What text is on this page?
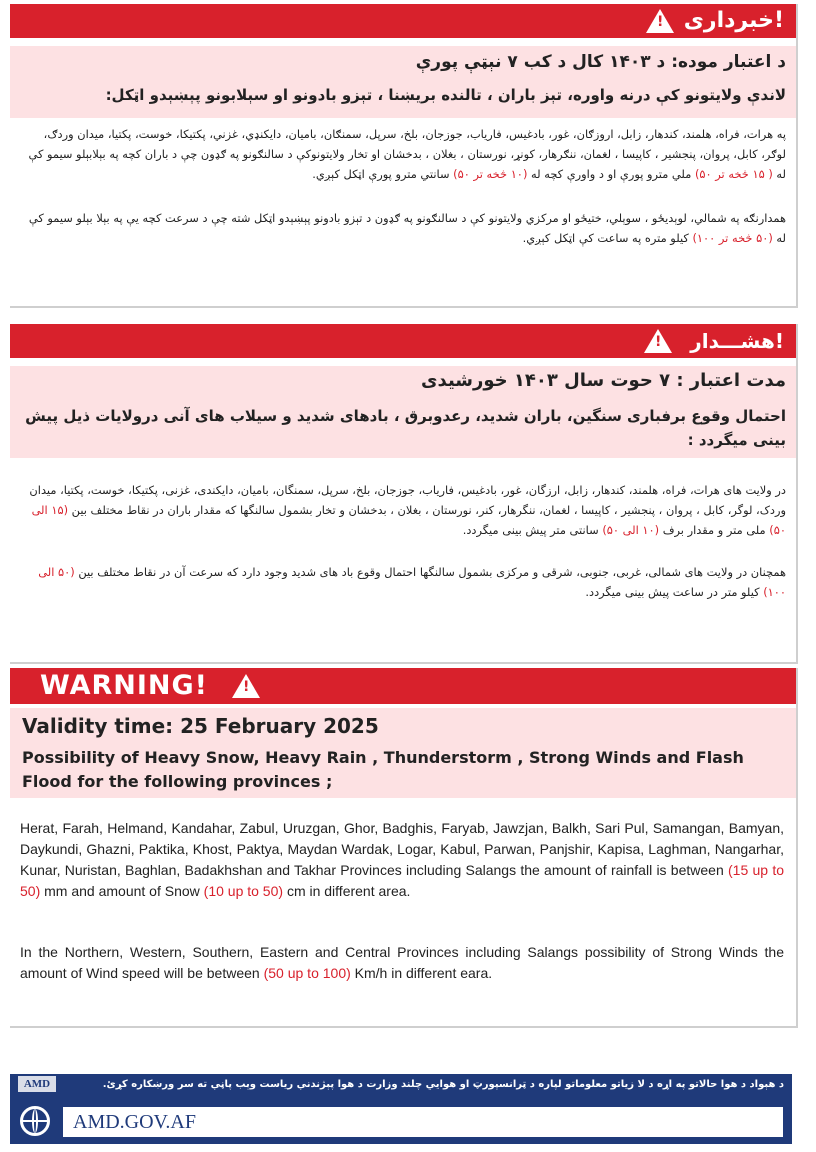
خبرداری!
!

د اعتبار موده: د ۱۴۰۳ کال د کب ۷ نېټې پورې

لاندې ولایتونو کې درنه واوره، تېز باران ، تالنده بریښنا ، تېزو بادونو او سېلابونو پېښېدو اټکل:

په هرات، فراه، هلمند، کندهار، زابل، اروزګان، غور، بادغیس، فاریاب، جوزجان، بلخ، سرپل، سمنګان، بامیان، دایکنډي، غزني، پکتیکا، خوست، پکتیا، میدان وردګ، لوګر، کابل، پروان، پنجشیر ، کاپیسا ، لغمان، ننګرهار، کونړ، نورستان ، بغلان ، بدخشان او تخار ولایتونوکې د سالنګونو په ګډون چې د باران کچه په بېلابېلو سیمو کې له ( ۱۵ څخه تر ۵۰) ملي مترو پورې او د واورې کچه له (۱۰ څخه تر ۵۰) سانتي مترو پورې اټکل کېږي.
همدارنګه په شمالي، لوېدیځو ، سوېلي، ختیځو او مرکزي ولایتونو کې د سالنګونو په ګډون د تېزو بادونو پېښېدو اټکل شته چې د سرعت کچه یې په بېلا بېلو سیمو کې له (۵۰ څخه تر ۱۰۰) کیلو متره په ساعت کې اټکل کېږي.
هشـــدار!
!

مدت اعتبار : ۷ حوت سال ۱۴۰۳ خورشیدی

احتمال وقوع برفباری سنگین، باران شدید، رعدوبرق ، بادهای شدید و سیلاب های آنی درولایات ذیل پیش بینی میگردد :

در ولایت های هرات، فراه، هلمند، کندهار، زابل، ارزگان، غور، بادغیس، فاریاب، جوزجان، بلخ، سرپل، سمنگان، بامیان، دایکندی، غزنی، پکتیکا، خوست، پکتیا، میدان وردک، لوگر، کابل ، پروان ، پنجشیر ، کاپیسا ، لغمان، ننگرهار، کنر، نورستان ، بغلان ، بدخشان و تخار بشمول سالنگها که مقدار باران در نقاط مختلف بین (۱۵ الی ۵۰) ملی متر و مقدار برف (۱۰ الی ۵۰) سانتی متر پیش بینی میگردد.
همچنان در ولایت های شمالی، غربی، جنوبی، شرقی و مرکزی بشمول سالنگها احتمال وقوع باد های شدید وجود دارد که سرعت آن در نقاط مختلف بین (۵۰ الی ۱۰۰) کیلو متر در ساعت پیش بینی میگردد.
WARNING!	!

Validity time: 25 February 2025

Possibility of Heavy Snow, Heavy Rain , Thunderstorm , Strong Winds and Flash Flood for the following provinces ;

Herat, Farah, Helmand, Kandahar, Zabul, Uruzgan, Ghor, Badghis, Faryab, Jawzjan, Balkh, Sari Pul, Samangan, Bamyan, Daykundi, Ghazni, Paktika, Khost, Paktya, Maydan Wardak, Logar, Kabul, Parwan, Panjshir, Kapisa, Laghman, Nangarhar, Kunar, Nuristan, Baghlan, Badakhshan and Takhar Provinces including Salangs the amount of rainfall is between (15 up to 50) mm and amount of Snow (10 up to 50) cm in different area.
In the Northern, Western, Southern, Eastern and Central Provinces including Salangs possibility of Strong Winds the amount of Wind speed will be between (50 up to 100) Km/h in different eara.
د هېواد د هوا حالاتو په اړه د لا زیاتو معلوماتو لپاره د ټرانسپورټ او هوايي چلند وزارت د هوا پېژندنې ریاست وېب پاڼې ته سر ورښکاره کړئ.
AMD
AMD.GOV.AF
